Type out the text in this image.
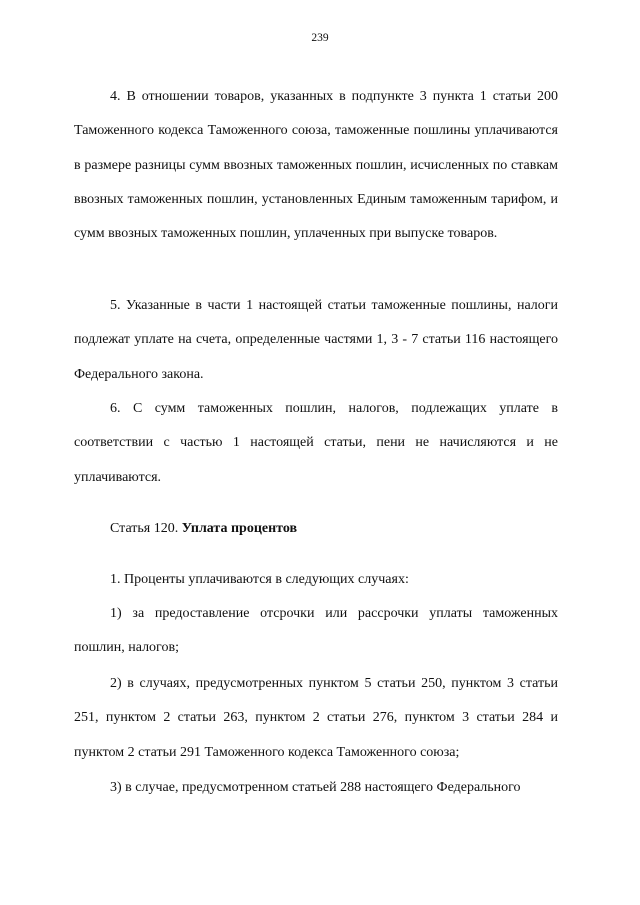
239

4. В отношении товаров, указанных в подпункте 3 пункта 1 статьи 200 Таможенного кодекса Таможенного союза, таможенные пошлины уплачиваются в размере разницы сумм ввозных таможенных пошлин, исчисленных по ставкам ввозных таможенных пошлин, установленных Единым таможенным тарифом, и сумм ввозных таможенных пошлин, уплаченных при выпуске товаров.

5. Указанные в части 1 настоящей статьи таможенные пошлины, налоги подлежат уплате на счета, определенные частями 1, 3 - 7 статьи 116 настоящего Федерального закона.

6. С сумм таможенных пошлин, налогов, подлежащих уплате в соответствии с частью 1 настоящей статьи, пени не начисляются и не уплачиваются.

Статья 120. Уплата процентов

1. Проценты уплачиваются в следующих случаях:

1) за предоставление отсрочки или рассрочки уплаты таможенных пошлин, налогов;

2) в случаях, предусмотренных пунктом 5 статьи 250, пунктом 3 статьи 251, пунктом 2 статьи 263, пунктом 2 статьи 276, пунктом 3 статьи 284 и пунктом 2 статьи 291 Таможенного кодекса Таможенного союза;

3) в случае, предусмотренном статьей 288 настоящего Федерального
